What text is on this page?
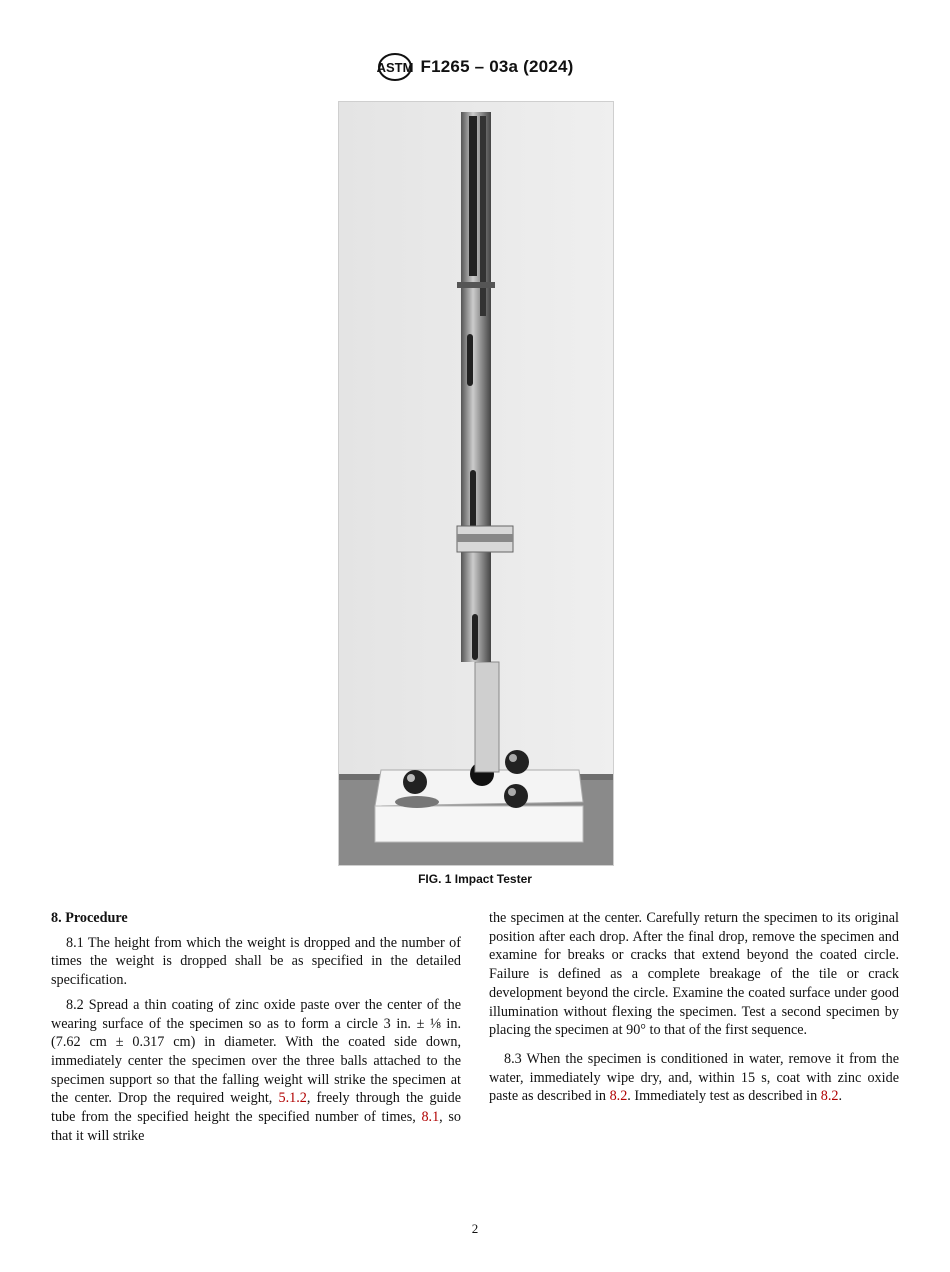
ASTM F1265 – 03a (2024)
FIG. 1 Impact Tester

8. Procedure

8.1 The height from which the weight is dropped and the number of times the weight is dropped shall be as specified in the detailed specification.

8.2 Spread a thin coating of zinc oxide paste over the center of the wearing surface of the specimen so as to form a circle 3 in. ± ⅛ in. (7.62 cm ± 0.317 cm) in diameter. With the coated side down, immediately center the specimen over the three balls attached to the specimen support so that the falling weight will strike the specimen at the center. Drop the required weight, 5.1.2, freely through the guide tube from the specified height the specified number of times, 8.1, so that it will strike

the specimen at the center. Carefully return the specimen to its original position after each drop. After the final drop, remove the specimen and examine for breaks or cracks that extend beyond the coated circle. Failure is defined as a complete breakage of the tile or crack development beyond the circle. Examine the coated surface under good illumination without flexing the specimen. Test a second specimen by placing the specimen at 90° to that of the first sequence.

8.3 When the specimen is conditioned in water, remove it from the water, immediately wipe dry, and, within 15 s, coat with zinc oxide paste as described in 8.2. Immediately test as described in 8.2.

2
